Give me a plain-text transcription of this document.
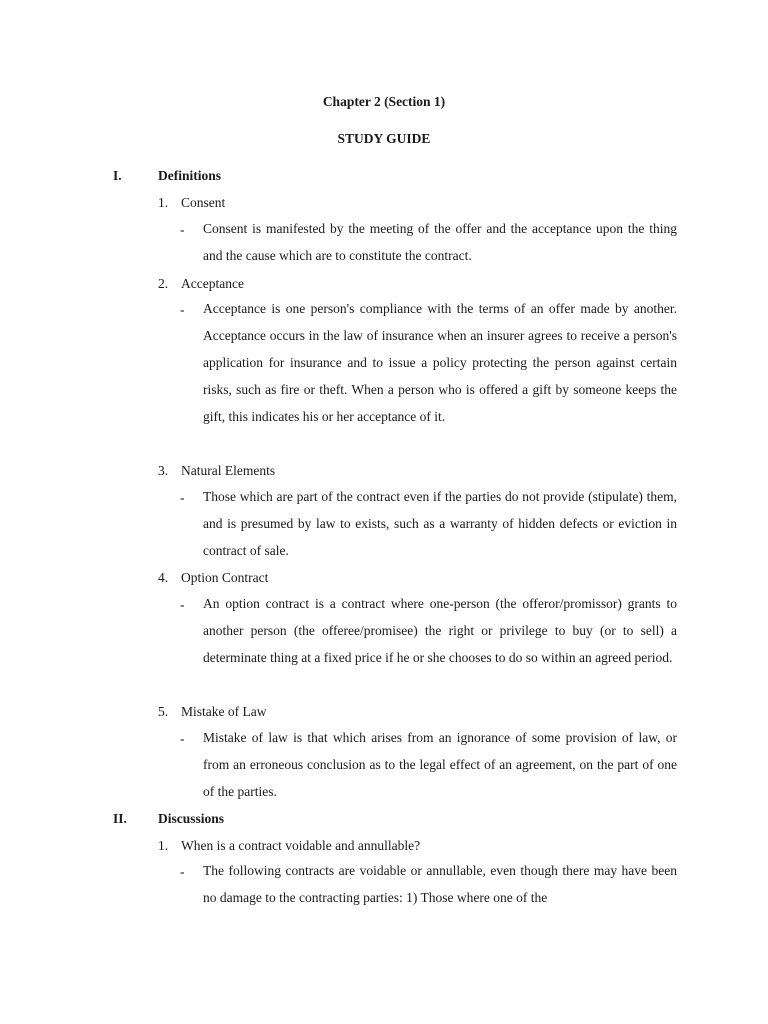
Chapter 2 (Section 1)
STUDY GUIDE
I.	Definitions
1. Consent
- Consent is manifested by the meeting of the offer and the acceptance upon the thing and the cause which are to constitute the contract.
2. Acceptance
- Acceptance is one person's compliance with the terms of an offer made by another. Acceptance occurs in the law of insurance when an insurer agrees to receive a person's application for insurance and to issue a policy protecting the person against certain risks, such as fire or theft. When a person who is offered a gift by someone keeps the gift, this indicates his or her acceptance of it.
3. Natural Elements
- Those which are part of the contract even if the parties do not provide (stipulate) them, and is presumed by law to exists, such as a warranty of hidden defects or eviction in contract of sale.
4. Option Contract
- An option contract is a contract where one-person (the offeror/promissor) grants to another person (the offeree/promisee) the right or privilege to buy (or to sell) a determinate thing at a fixed price if he or she chooses to do so within an agreed period.
5. Mistake of Law
- Mistake of law is that which arises from an ignorance of some provision of law, or from an erroneous conclusion as to the legal effect of an agreement, on the part of one of the parties.
II. Discussions
1. When is a contract voidable and annullable?
- The following contracts are voidable or annullable, even though there may have been no damage to the contracting parties: 1) Those where one of the
